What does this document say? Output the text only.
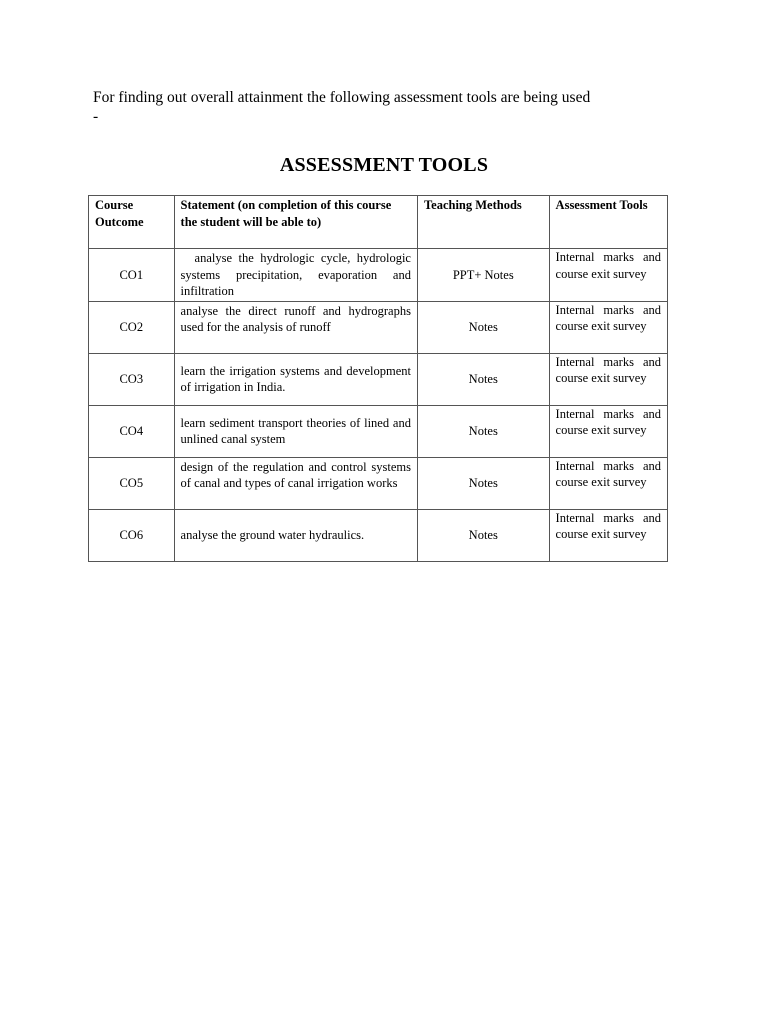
For finding out overall attainment the following assessment tools are being used
-

ASSESSMENT TOOLS
Course Outcome	Statement (on completion of this course the student will be able to)	Teaching Methods	Assessment Tools
CO1	analyse the hydrologic cycle, hydrologic systems precipitation, evaporation and infiltration	PPT+ Notes	Internal marks and course exit survey
CO2	analyse the direct runoff and hydrographs used for the analysis of runoff	Notes	Internal marks and course exit survey
CO3	learn the irrigation systems and development of irrigation in India.	Notes	Internal marks and course exit survey
CO4	learn sediment transport theories of lined and unlined canal system	Notes	Internal marks and course exit survey
CO5	design of the regulation and control systems of canal and types of canal irrigation works	Notes	Internal marks and course exit survey
CO6	analyse the ground water hydraulics.	Notes	Internal marks and course exit survey
